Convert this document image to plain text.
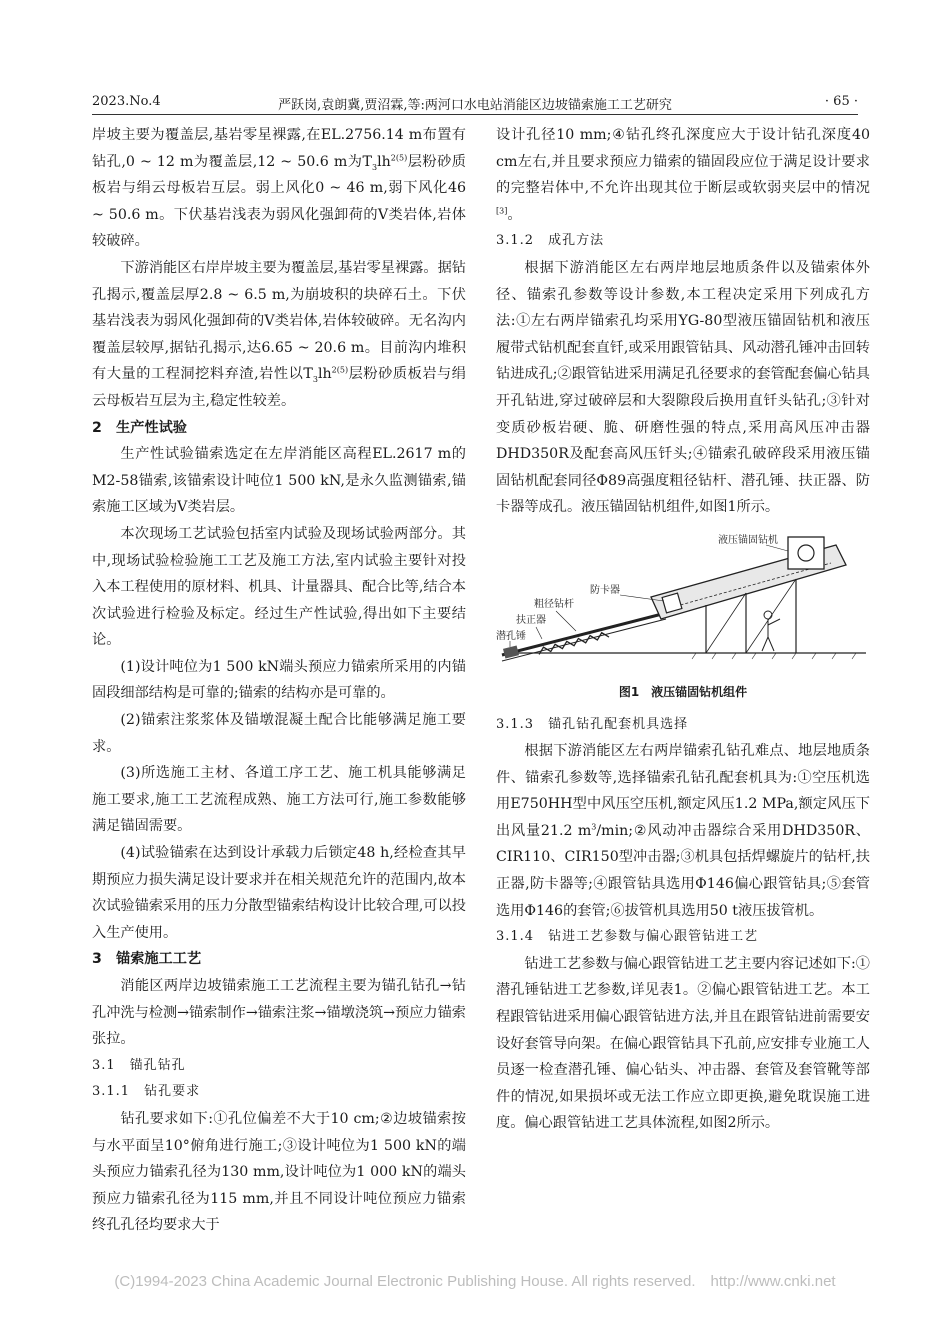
2023.No.4	严跃岗,袁朗冀,贾沼霖,等:两河口水电站消能区边坡锚索施工工艺研究	· 65 ·

岸坡主要为覆盖层,基岩零星裸露,在EL.2756.14 m布置有钻孔,0 ~ 12 m为覆盖层,12 ~ 50.6 m为$T_3lh^{2(5)}$层粉砂质板岩与绢云母板岩互层。弱上风化0 ~ 46 m,弱下风化46 ~ 50.6 m。下伏基岩浅表为弱风化强卸荷的Ⅴ类岩体,岩体较破碎。

下游消能区右岸岸坡主要为覆盖层,基岩零星裸露。据钻孔揭示,覆盖层厚2.8 ~ 6.5 m,为崩坡积的块碎石土。下伏基岩浅表为弱风化强卸荷的Ⅴ类岩体,岩体较破碎。无名沟内覆盖层较厚,据钻孔揭示,达6.65 ~ 20.6 m。目前沟内堆积有大量的工程洞挖料弃渣,岩性以$T_3lh^{2(5)}$层粉砂质板岩与绢云母板岩互层为主,稳定性较差。

2　生产性试验

生产性试验锚索选定在左岸消能区高程EL.2617 m的M2-58锚索,该锚索设计吨位1 500 kN,是永久监测锚索,锚索施工区域为Ⅴ类岩层。

本次现场工艺试验包括室内试验及现场试验两部分。其中,现场试验检验施工工艺及施工方法,室内试验主要针对投入本工程使用的原材料、机具、计量器具、配合比等,结合本次试验进行检验及标定。经过生产性试验,得出如下主要结论。

(1)设计吨位为1 500 kN端头预应力锚索所采用的内锚固段细部结构是可靠的;锚索的结构亦是可靠的。

(2)锚索注浆浆体及锚墩混凝土配合比能够满足施工要求。

(3)所选施工主材、各道工序工艺、施工机具能够满足施工要求,施工工艺流程成熟、施工方法可行,施工参数能够满足锚固需要。

(4)试验锚索在达到设计承载力后锁定48 h,经检查其早期预应力损失满足设计要求并在相关规范允许的范围内,故本次试验锚索采用的压力分散型锚索结构设计比较合理,可以投入生产使用。

3　锚索施工工艺

消能区两岸边坡锚索施工工艺流程主要为锚孔钻孔→钻孔冲洗与检测→锚索制作→锚索注浆→锚墩浇筑→预应力锚索张拉。

3.1　锚孔钻孔

3.1.1　钻孔要求

钻孔要求如下:①孔位偏差不大于10 cm;②边坡锚索按与水平面呈10°俯角进行施工;③设计吨位为1 500 kN的端头预应力锚索孔径为130 mm,设计吨位为1 000 kN的端头预应力锚索孔径为115 mm,并且不同设计吨位预应力锚索终孔孔径均要求大于

设计孔径10 mm;④钻孔终孔深度应大于设计钻孔深度40 cm左右,并且要求预应力锚索的锚固段应位于满足设计要求的完整岩体中,不允许出现其位于断层或软弱夹层中的情况[3]。

3.1.2　成孔方法

根据下游消能区左右两岸地层地质条件以及锚索体外径、锚索孔参数等设计参数,本工程决定采用下列成孔方法:①左右两岸锚索孔均采用YG-80型液压锚固钻机和液压履带式钻机配套直钎,或采用跟管钻具、风动潜孔锤冲击回转钻进成孔;②跟管钻进采用满足孔径要求的套管配套偏心钻具开孔钻进,穿过破碎层和大裂隙段后换用直钎头钻孔;③针对变质砂板岩硬、脆、研磨性强的特点,采用高风压冲击器DHD350R及配套高风压钎头;④锚索孔破碎段采用液压锚固钻机配套同径Φ89高强度粗径钻杆、潜孔锤、扶正器、防卡器等成孔。液压锚固钻机组件,如图1所示。

液压锚固钻机
防卡器
粗径钻杆
扶正器
潜孔锤

图1　液压锚固钻机组件

3.1.3　锚孔钻孔配套机具选择

根据下游消能区左右两岸锚索孔钻孔难点、地层地质条件、锚索孔参数等,选择锚索孔钻孔配套机具为:①空压机选用E750HH型中风压空压机,额定风压1.2 MPa,额定风压下出风量21.2 $m^3/\min;②$风动冲击器综合采用DHD350R、CIR110、CIR150型冲击器;③机具包括焊螺旋片的钻杆,扶正器,防卡器等;④跟管钻具选用Φ146偏心跟管钻具;⑤套管选用Φ146的套管;⑥拔管机具选用50 t液压拔管机。

3.1.4　钻进工艺参数与偏心跟管钻进工艺

钻进工艺参数与偏心跟管钻进工艺主要内容记述如下:①潜孔锤钻进工艺参数,详见表1。②偏心跟管钻进工艺。本工程跟管钻进采用偏心跟管钻进方法,并且在跟管钻进前需要安设好套管导向架。在偏心跟管钻具下孔前,应安排专业施工人员逐一检查潜孔锤、偏心钻头、冲击器、套管及套管靴等部件的情况,如果损坏或无法工作应立即更换,避免耽误施工进度。偏心跟管钻进工艺具体流程,如图2所示。

(C)1994-2023 China Academic Journal Electronic Publishing House. All rights reserved.　http://www.cnki.net
